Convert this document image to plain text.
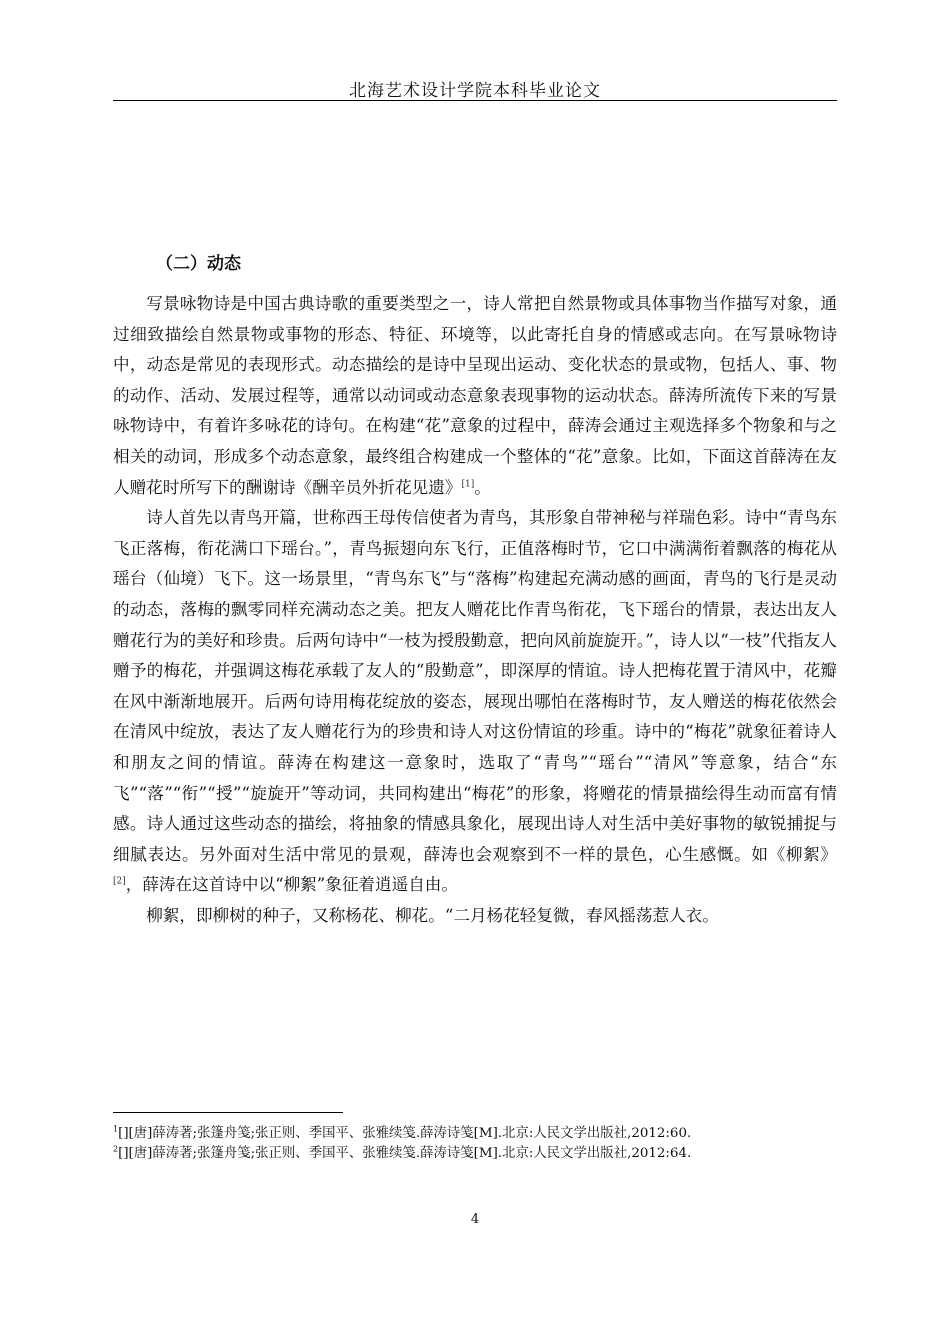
北海艺术设计学院本科毕业论文
（二）动态

写景咏物诗是中国古典诗歌的重要类型之一，诗人常把自然景物或具体事物当作描写对象，通过细致描绘自然景物或事物的形态、特征、环境等，以此寄托自身的情感或志向。在写景咏物诗中，动态是常见的表现形式。动态描绘的是诗中呈现出运动、变化状态的景或物，包括人、事、物的动作、活动、发展过程等，通常以动词或动态意象表现事物的运动状态。薛涛所流传下来的写景咏物诗中，有着许多咏花的诗句。在构建“花”意象的过程中，薛涛会通过主观选择多个物象和与之相关的动词，形成多个动态意象，最终组合构建成一个整体的“花”意象。比如，下面这首薛涛在友人赠花时所写下的酬谢诗《酬辛员外折花见遗》[1]。

诗人首先以青鸟开篇，世称西王母传信使者为青鸟，其形象自带神秘与祥瑞色彩。诗中“青鸟东飞正落梅，衔花满口下瑶台。”，青鸟振翅向东飞行，正值落梅时节，它口中满满衔着飘落的梅花从瑶台（仙境）飞下。这一场景里，“青鸟东飞”与“落梅”构建起充满动感的画面，青鸟的飞行是灵动的动态，落梅的飘零同样充满动态之美。把友人赠花比作青鸟衔花，飞下瑶台的情景，表达出友人赠花行为的美好和珍贵。后两句诗中“一枝为授殷勤意，把向风前旋旋开。”，诗人以“一枝”代指友人赠予的梅花，并强调这梅花承载了友人的“殷勤意”，即深厚的情谊。诗人把梅花置于清风中，花瓣在风中渐渐地展开。后两句诗用梅花绽放的姿态，展现出哪怕在落梅时节，友人赠送的梅花依然会在清风中绽放，表达了友人赠花行为的珍贵和诗人对这份情谊的珍重。诗中的“梅花”就象征着诗人和朋友之间的情谊。薛涛在构建这一意象时，选取了“青鸟”“瑶台”“清风”等意象，结合“东飞”“落”“衔”“授”“旋旋开”等动词，共同构建出“梅花”的形象，将赠花的情景描绘得生动而富有情感。诗人通过这些动态的描绘，将抽象的情感具象化，展现出诗人对生活中美好事物的敏锐捕捉与细腻表达。另外面对生活中常见的景观，薛涛也会观察到不一样的景色，心生感慨。如《柳絮》[2]，薛涛在这首诗中以“柳絮”象征着逍遥自由。

柳絮，即柳树的种子，又称杨花、柳花。“二月杨花轻复微，春风摇荡惹人衣。

$^1$[][唐]薛涛著;张篷舟笺;张正则、季国平、张雅续笺.薛涛诗笺[M].北京:人民文学出版社,2012:60.

$^2$[][唐]薛涛著;张篷舟笺;张正则、季国平、张雅续笺.薛涛诗笺[M].北京:人民文学出版社,2012:64.

4
